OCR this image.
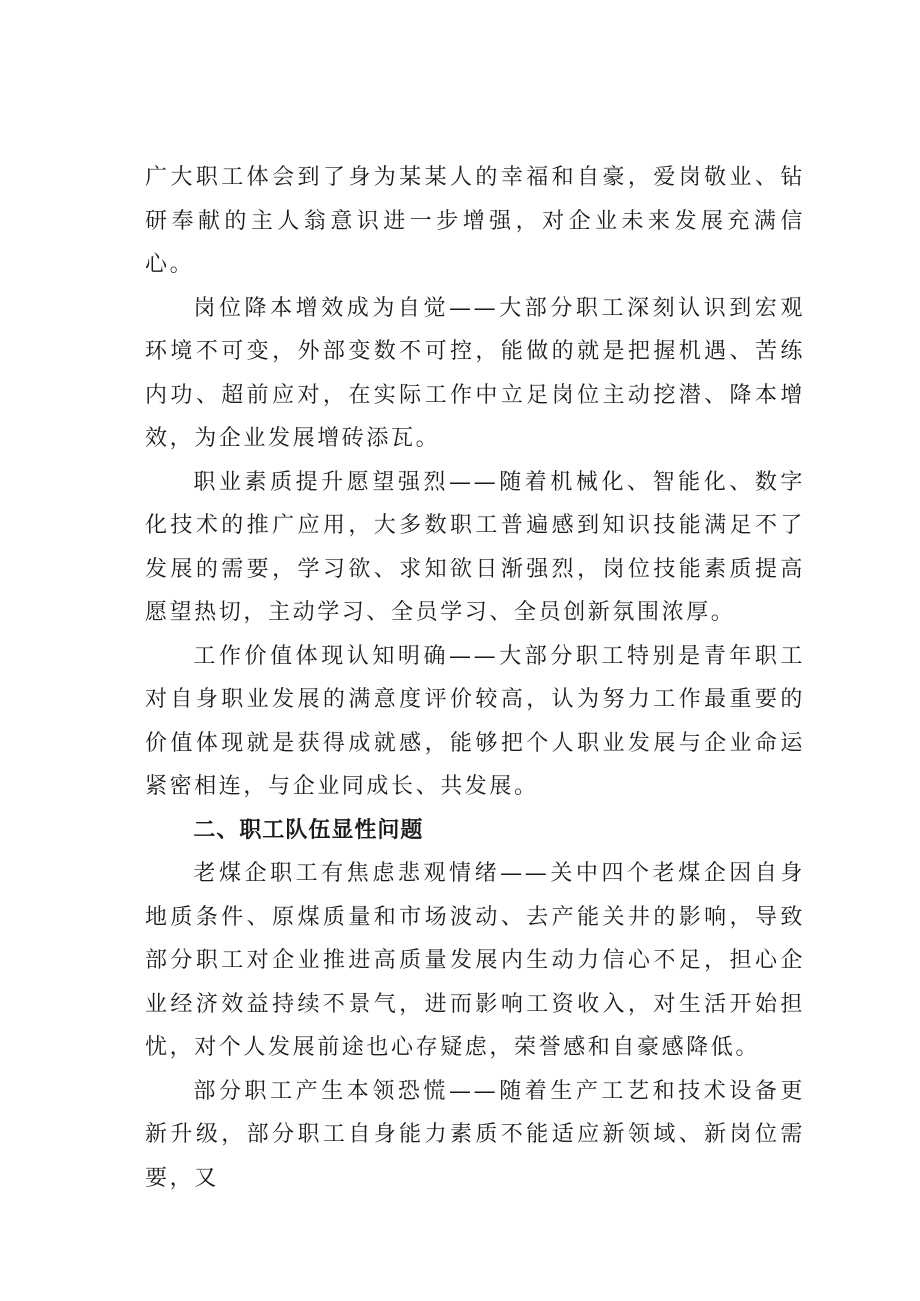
广大职工体会到了身为某某人的幸福和自豪，爱岗敬业、钻研奉献的主人翁意识进一步增强，对企业未来发展充满信心。

岗位降本增效成为自觉——大部分职工深刻认识到宏观环境不可变，外部变数不可控，能做的就是把握机遇、苦练内功、超前应对，在实际工作中立足岗位主动挖潜、降本增效，为企业发展增砖添瓦。

职业素质提升愿望强烈——随着机械化、智能化、数字化技术的推广应用，大多数职工普遍感到知识技能满足不了发展的需要，学习欲、求知欲日渐强烈，岗位技能素质提高愿望热切，主动学习、全员学习、全员创新氛围浓厚。

工作价值体现认知明确——大部分职工特别是青年职工对自身职业发展的满意度评价较高，认为努力工作最重要的价值体现就是获得成就感，能够把个人职业发展与企业命运紧密相连，与企业同成长、共发展。

二、职工队伍显性问题

老煤企职工有焦虑悲观情绪——关中四个老煤企因自身地质条件、原煤质量和市场波动、去产能关井的影响，导致部分职工对企业推进高质量发展内生动力信心不足，担心企业经济效益持续不景气，进而影响工资收入，对生活开始担忧，对个人发展前途也心存疑虑，荣誉感和自豪感降低。

部分职工产生本领恐慌——随着生产工艺和技术设备更新升级，部分职工自身能力素质不能适应新领域、新岗位需要，又
